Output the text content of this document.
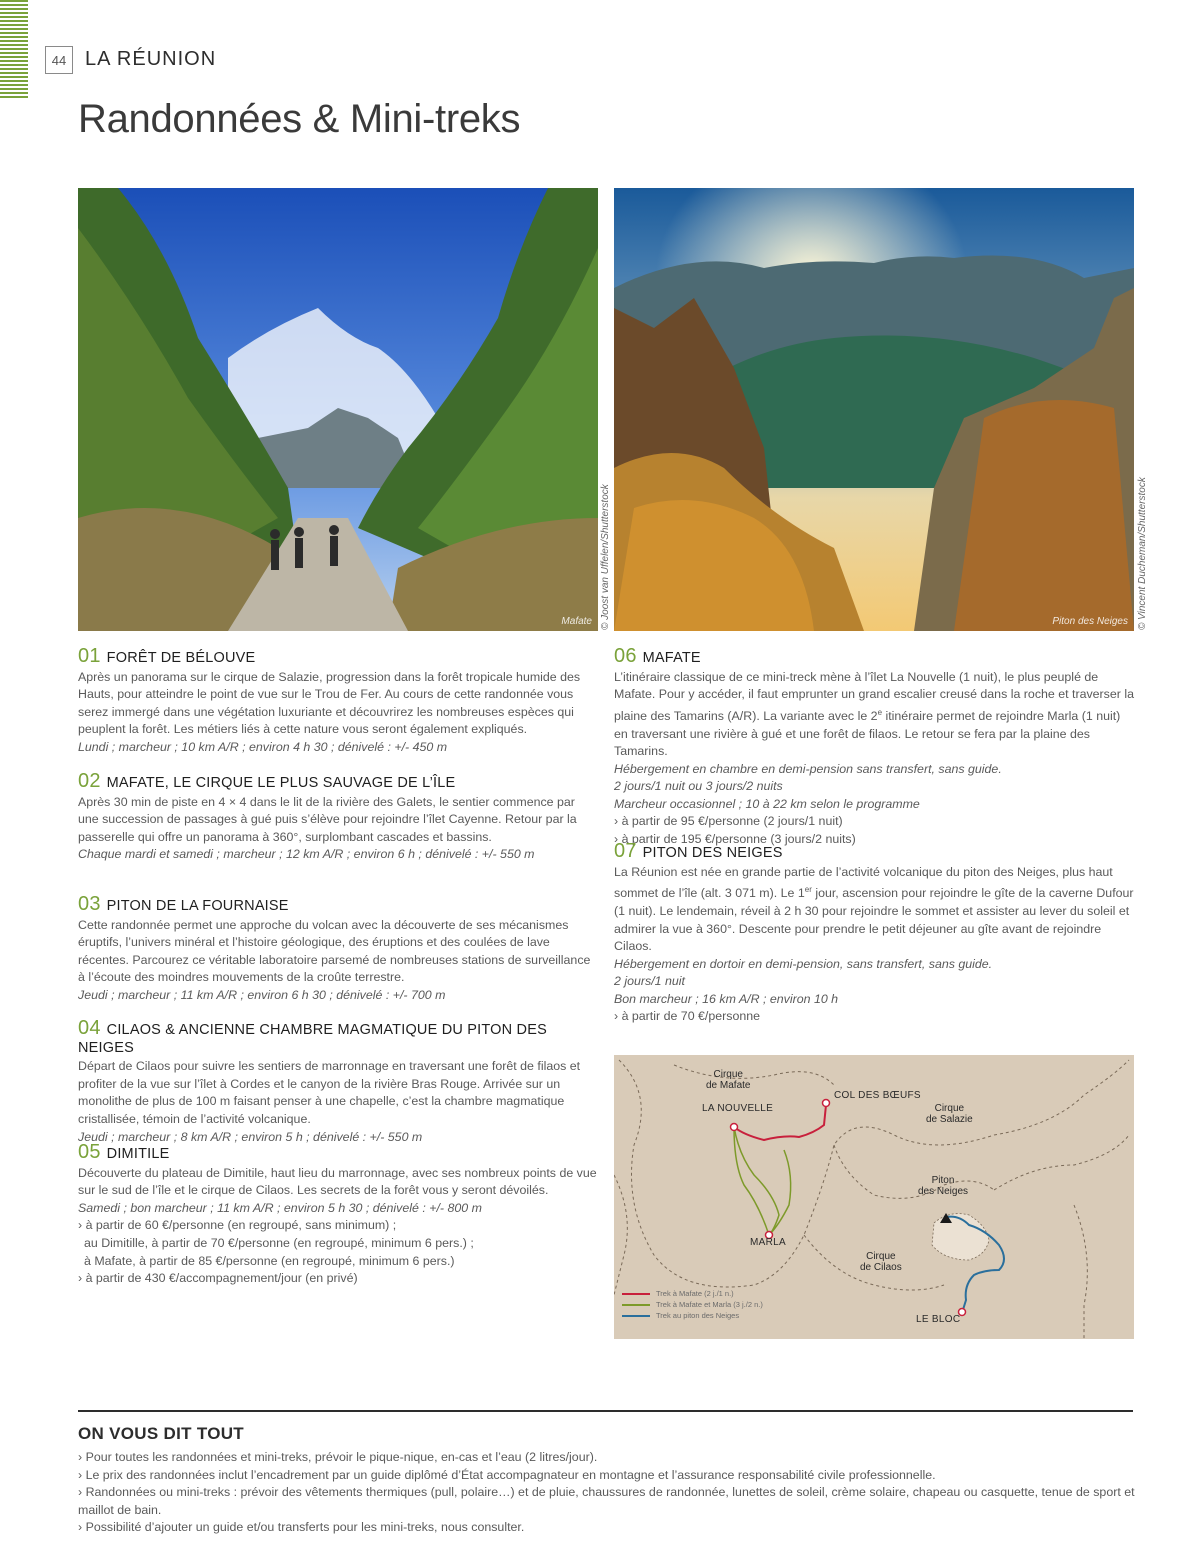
44 LA RÉUNION
Randonnées & Mini-treks
Mafate © Joost van Uffelen/Shutterstock	Piton des Neiges © Vincent Ducheman/Shutterstock
01 FORÊT DE BÉLOUVE

Après un panorama sur le cirque de Salazie, progression dans la forêt tropicale humide des Hauts, pour atteindre le point de vue sur le Trou de Fer. Au cours de cette randonnée vous serez immergé dans une végétation luxuriante et découvrirez les nombreuses espèces qui peuplent la forêt. Les métiers liés à cette nature vous seront également expliqués.

Lundi ; marcheur ; 10 km A/R ; environ 4 h 30 ; dénivelé : +/- 450 m

02 MAFATE, LE CIRQUE LE PLUS SAUVAGE DE L’ÎLE

Après 30 min de piste en 4 × 4 dans le lit de la rivière des Galets, le sentier commence par une succession de passages à gué puis s’élève pour rejoindre l’îlet Cayenne. Retour par la passerelle qui offre un panorama à 360°, surplombant cascades et bassins.

Chaque mardi et samedi ; marcheur ; 12 km A/R ; environ 6 h ; dénivelé : +/- 550 m

03 PITON DE LA FOURNAISE

Cette randonnée permet une approche du volcan avec la découverte de ses mécanismes éruptifs, l’univers minéral et l’histoire géologique, des éruptions et des coulées de lave récentes. Parcourez ce véritable laboratoire parsemé de nombreuses stations de surveillance à l’écoute des moindres mouvements de la croûte terrestre.

Jeudi ; marcheur ; 11 km A/R ; environ 6 h 30 ; dénivelé : +/- 700 m

04 CILAOS & ANCIENNE CHAMBRE MAGMATIQUE DU PITON DES NEIGES

Départ de Cilaos pour suivre les sentiers de marronnage en traversant une forêt de filaos et profiter de la vue sur l’îlet à Cordes et le canyon de la rivière Bras Rouge. Arrivée sur un monolithe de plus de 100 m faisant penser à une chapelle, c’est la chambre magmatique cristallisée, témoin de l’activité volcanique.

Jeudi ; marcheur ; 8 km A/R ; environ 5 h ; dénivelé : +/- 550 m

05 DIMITILE

Découverte du plateau de Dimitile, haut lieu du marronnage, avec ses nombreux points de vue sur le sud de l’île et le cirque de Cilaos. Les secrets de la forêt vous y seront dévoilés.

Samedi ; bon marcheur ; 11 km A/R ; environ 5 h 30 ; dénivelé : +/- 800 m

› à partir de 60 €/personne (en regroupé, sans minimum) ;
au Dimitille, à partir de 70 €/personne (en regroupé, minimum 6 pers.) ;
à Mafate, à partir de 85 €/personne (en regroupé, minimum 6 pers.)
› à partir de 430 €/accompagnement/jour (en privé)
06 MAFATE

L’itinéraire classique de ce mini-treck mène à l’îlet La Nouvelle (1 nuit), le plus peuplé de Mafate. Pour y accéder, il faut emprunter un grand escalier creusé dans la roche et traverser la plaine des Tamarins (A/R). La variante avec le 2e itinéraire permet de rejoindre Marla (1 nuit) en traversant une rivière à gué et une forêt de filaos. Le retour se fera par la plaine des Tamarins.

Hébergement en chambre en demi-pension sans transfert, sans guide.

2 jours/1 nuit ou 3 jours/2 nuits

Marcheur occasionnel ; 10 à 22 km selon le programme

› à partir de 95 €/personne (2 jours/1 nuit)
› à partir de 195 €/personne (3 jours/2 nuits)
07 PITON DES NEIGES

La Réunion est née en grande partie de l’activité volcanique du piton des Neiges, plus haut sommet de l’île (alt. 3 071 m). Le 1er jour, ascension pour rejoindre le gîte de la caverne Dufour (1 nuit). Le lendemain, réveil à 2 h 30 pour rejoindre le sommet et assister au lever du soleil et admirer la vue à 360°. Descente pour prendre le petit déjeuner au gîte avant de rejoindre Cilaos.

Hébergement en dortoir en demi-pension, sans transfert, sans guide.

2 jours/1 nuit

Bon marcheur ; 16 km A/R ; environ 10 h

› à partir de 70 €/personne
Cirque
de Mafate
LA NOUVELLE
COL DES BŒUFS
Cirque
de Salazie
Piton
des Neiges
MARLA
Cirque
de Cilaos
LE BLOC
Trek à Mafate (2 j./1 n.)
Trek à Mafate et Marla (3 j./2 n.)
Trek au piton des Neiges
ON VOUS DIT TOUT
› Pour toutes les randonnées et mini-treks, prévoir le pique-nique, en-cas et l’eau (2 litres/jour).
› Le prix des randonnées inclut l’encadrement par un guide diplômé d’État accompagnateur en montagne et l’assurance responsabilité civile professionnelle.
› Randonnées ou mini-treks : prévoir des vêtements thermiques (pull, polaire…) et de pluie, chaussures de randonnée, lunettes de soleil, crème solaire, chapeau ou casquette, tenue de sport et maillot de bain.
› Possibilité d’ajouter un guide et/ou transferts pour les mini-treks, nous consulter.
